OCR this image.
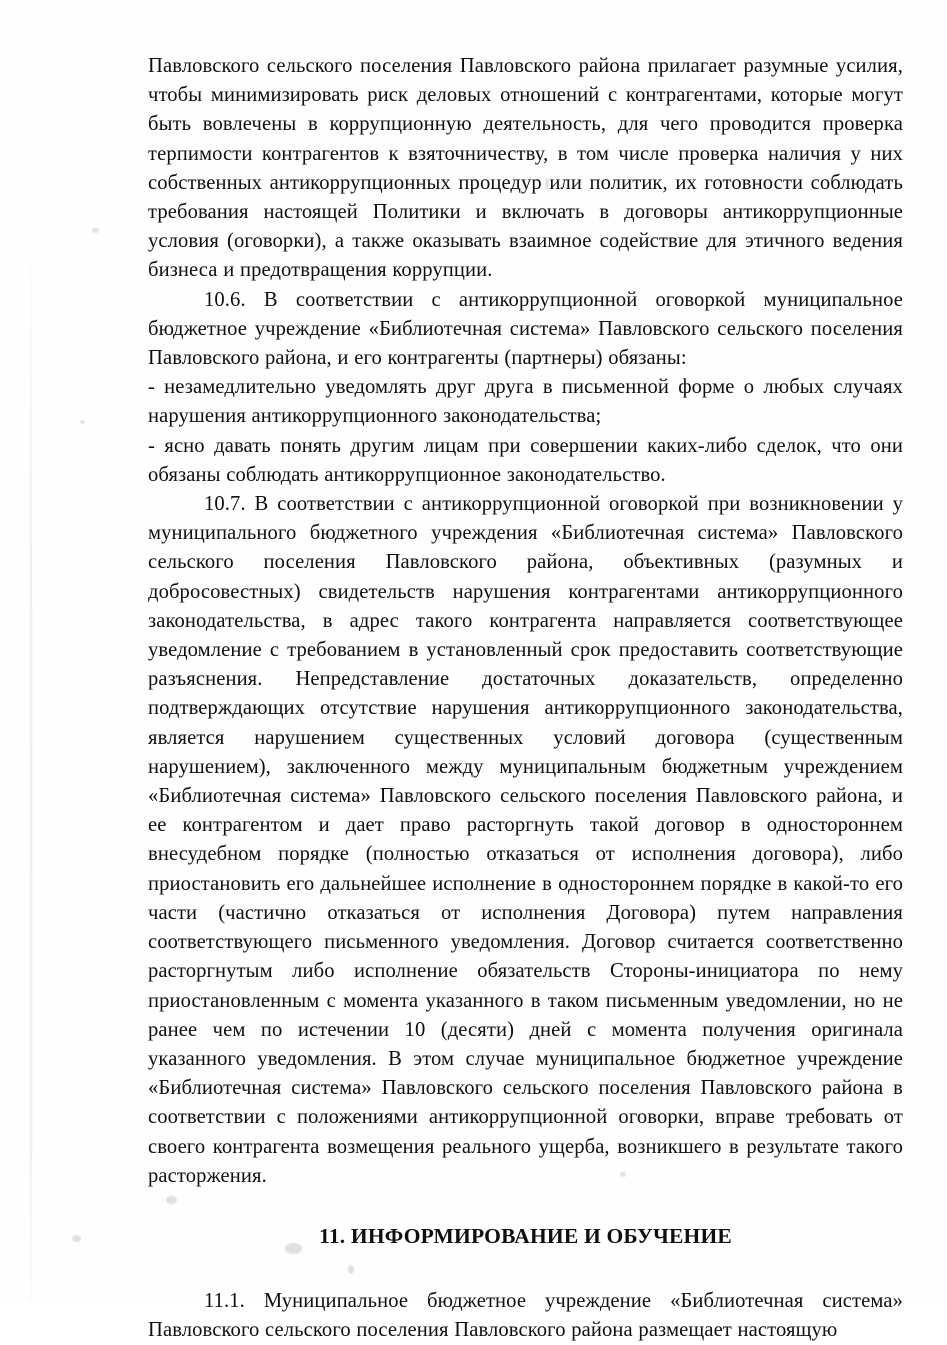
Павловского сельского поселения Павловского района прилагает разумные усилия, чтобы минимизировать риск деловых отношений с контрагентами, которые могут быть вовлечены в коррупционную деятельность, для чего проводится проверка терпимости контрагентов к взяточничеству, в том числе проверка наличия у них собственных антикоррупционных процедур или политик, их готовности соблюдать требования настоящей Политики и включать в договоры антикоррупционные условия (оговорки), а также оказывать взаимное содействие для этичного ведения бизнеса и предотвращения коррупции.

10.6. В соответствии с антикоррупционной оговоркой муниципальное бюджетное учреждение «Библиотечная система» Павловского сельского поселения Павловского района, и его контрагенты (партнеры) обязаны:

- незамедлительно уведомлять друг друга в письменной форме о любых случаях нарушения антикоррупционного законодательства;

- ясно давать понять другим лицам при совершении каких-либо сделок, что они обязаны соблюдать антикоррупционное законодательство.

10.7. В соответствии с антикоррупционной оговоркой при возникновении у муниципального бюджетного учреждения «Библиотечная система» Павловского сельского поселения Павловского района, объективных (разумных и добросовестных) свидетельств нарушения контрагентами антикоррупционного законодательства, в адрес такого контрагента направляется соответствующее уведомление с требованием в установленный срок предоставить соответствующие разъяснения. Непредставление достаточных доказательств, определенно подтверждающих отсутствие нарушения антикоррупционного законодательства, является нарушением существенных условий договора (существенным нарушением), заключенного между муниципальным бюджетным учреждением «Библиотечная система» Павловского сельского поселения Павловского района, и ее контрагентом и дает право расторгнуть такой договор в одностороннем внесудебном порядке (полностью отказаться от исполнения договора), либо приостановить его дальнейшее исполнение в одностороннем порядке в какой-то его части (частично отказаться от исполнения Договора) путем направления соответствующего письменного уведомления. Договор считается соответственно расторгнутым либо исполнение обязательств Стороны-инициатора по нему приостановленным с момента указанного в таком письменным уведомлении, но не ранее чем по истечении 10 (десяти) дней с момента получения оригинала указанного уведомления. В этом случае муниципальное бюджетное учреждение «Библиотечная система» Павловского сельского поселения Павловского района в соответствии с положениями антикоррупционной оговорки, вправе требовать от своего контрагента возмещения реального ущерба, возникшего в результате такого расторжения.

11. ИНФОРМИРОВАНИЕ И ОБУЧЕНИЕ

11.1. Муниципальное бюджетное учреждение «Библиотечная система» Павловского сельского поселения Павловского района размещает настоящую
